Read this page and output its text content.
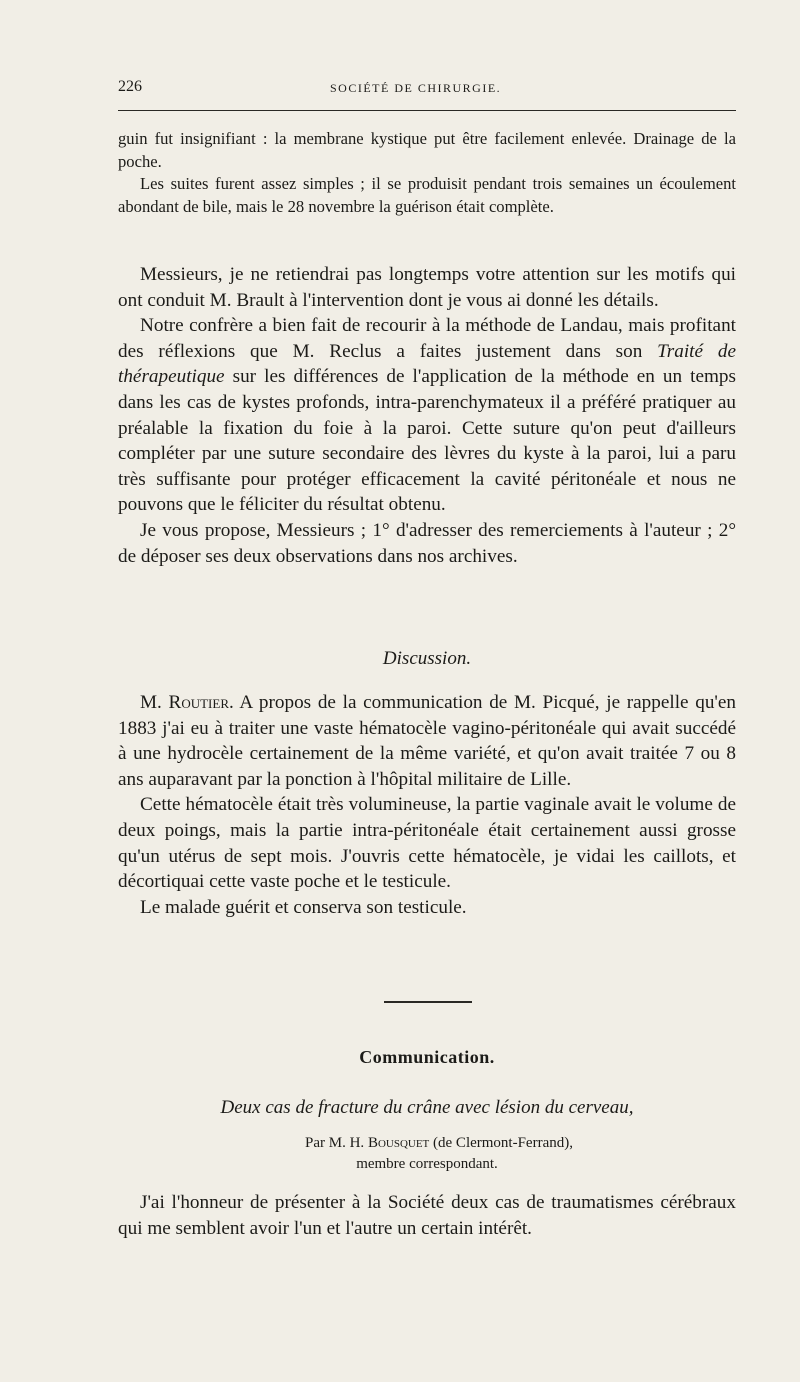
226	SOCIÉTÉ DE CHIRURGIE.

guin fut insignifiant : la membrane kystique put être facilement enlevée. Drainage de la poche.

Les suites furent assez simples ; il se produisit pendant trois semaines un écoulement abondant de bile, mais le 28 novembre la guérison était complète.

Messieurs, je ne retiendrai pas longtemps votre attention sur les motifs qui ont conduit M. Brault à l'intervention dont je vous ai donné les détails.

Notre confrère a bien fait de recourir à la méthode de Landau, mais profitant des réflexions que M. Reclus a faites justement dans son Traité de thérapeutique sur les différences de l'application de la méthode en un temps dans les cas de kystes profonds, intra-parenchymateux il a préféré pratiquer au préalable la fixation du foie à la paroi. Cette suture qu'on peut d'ailleurs compléter par une suture secondaire des lèvres du kyste à la paroi, lui a paru très suffisante pour protéger efficacement la cavité péritonéale et nous ne pouvons que le féliciter du résultat obtenu.

Je vous propose, Messieurs ; 1° d'adresser des remerciements à l'auteur ; 2° de déposer ses deux observations dans nos archives.

Discussion.

M. Routier. A propos de la communication de M. Picqué, je rappelle qu'en 1883 j'ai eu à traiter une vaste hématocèle vagino-péritonéale qui avait succédé à une hydrocèle certainement de la même variété, et qu'on avait traitée 7 ou 8 ans auparavant par la ponction à l'hôpital militaire de Lille.

Cette hématocèle était très volumineuse, la partie vaginale avait le volume de deux poings, mais la partie intra-péritonéale était certainement aussi grosse qu'un utérus de sept mois. J'ouvris cette hématocèle, je vidai les caillots, et décortiquai cette vaste poche et le testicule.

Le malade guérit et conserva son testicule.

Communication.
Deux cas de fracture du crâne avec lésion du cerveau,

Par M. H. Bousquet (de Clermont-Ferrand),

membre correspondant.

J'ai l'honneur de présenter à la Société deux cas de traumatismes cérébraux qui me semblent avoir l'un et l'autre un certain intérêt.
